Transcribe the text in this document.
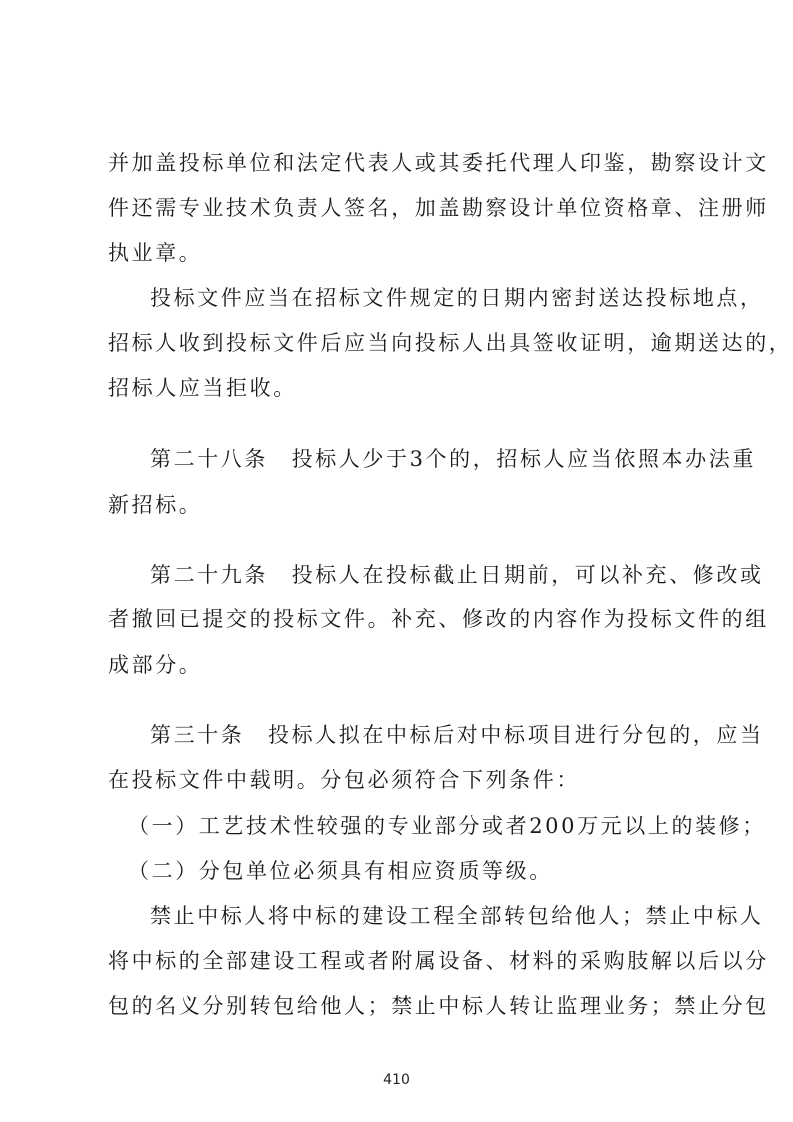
并加盖投标单位和法定代表人或其委托代理人印鉴，勘察设计文
件还需专业技术负责人签名，加盖勘察设计单位资格章、注册师
执业章。
投标文件应当在招标文件规定的日期内密封送达投标地点，
招标人收到投标文件后应当向投标人出具签收证明，逾期送达的，
招标人应当拒收。
第二十八条　投标人少于3个的，招标人应当依照本办法重
新招标。
第二十九条　投标人在投标截止日期前，可以补充、修改或
者撤回已提交的投标文件。补充、修改的内容作为投标文件的组
成部分。
第三十条　投标人拟在中标后对中标项目进行分包的，应当
在投标文件中载明。分包必须符合下列条件：
（一）工艺技术性较强的专业部分或者200万元以上的装修；
（二）分包单位必须具有相应资质等级。
禁止中标人将中标的建设工程全部转包给他人；禁止中标人
将中标的全部建设工程或者附属设备、材料的采购肢解以后以分
包的名义分别转包给他人；禁止中标人转让监理业务；禁止分包
410
